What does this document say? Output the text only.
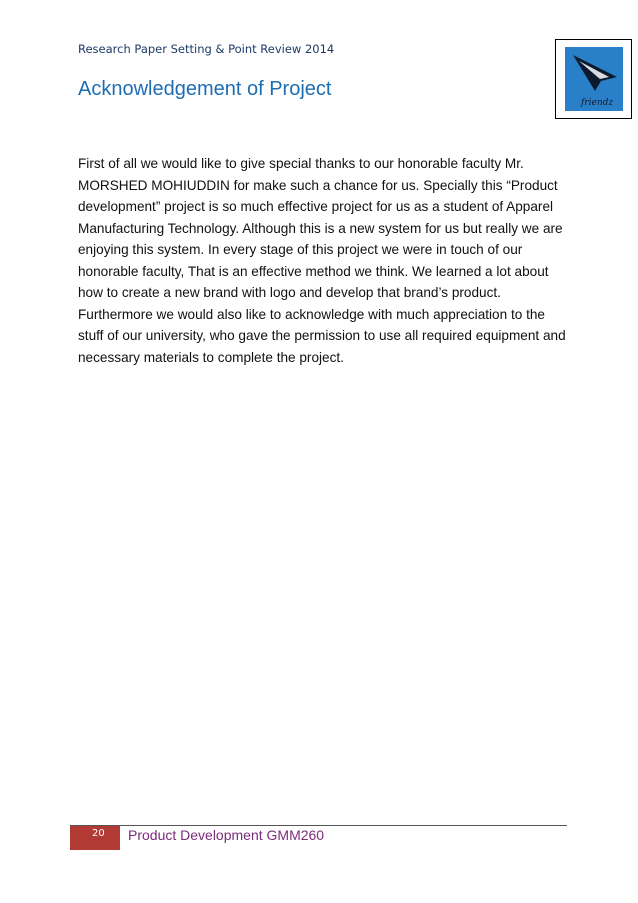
Research Paper Setting & Point Review 2014
Acknowledgement of Project
friendz

First of all we would like to give special thanks to our honorable faculty Mr. MORSHED MOHIUDDIN for make such a chance for us. Specially this “Product development” project is so much effective project for us as a student of Apparel Manufacturing Technology. Although this is a new system for us but really we are enjoying this system. In every stage of this project we were in touch of our honorable faculty, That is an effective method we think. We learned a lot about how to create a new brand with logo and develop that brand’s product. Furthermore we would also like to acknowledge with much appreciation to the stuff of our university, who gave the permission to use all required equipment and necessary materials to complete the project.

20 Product Development GMM260
